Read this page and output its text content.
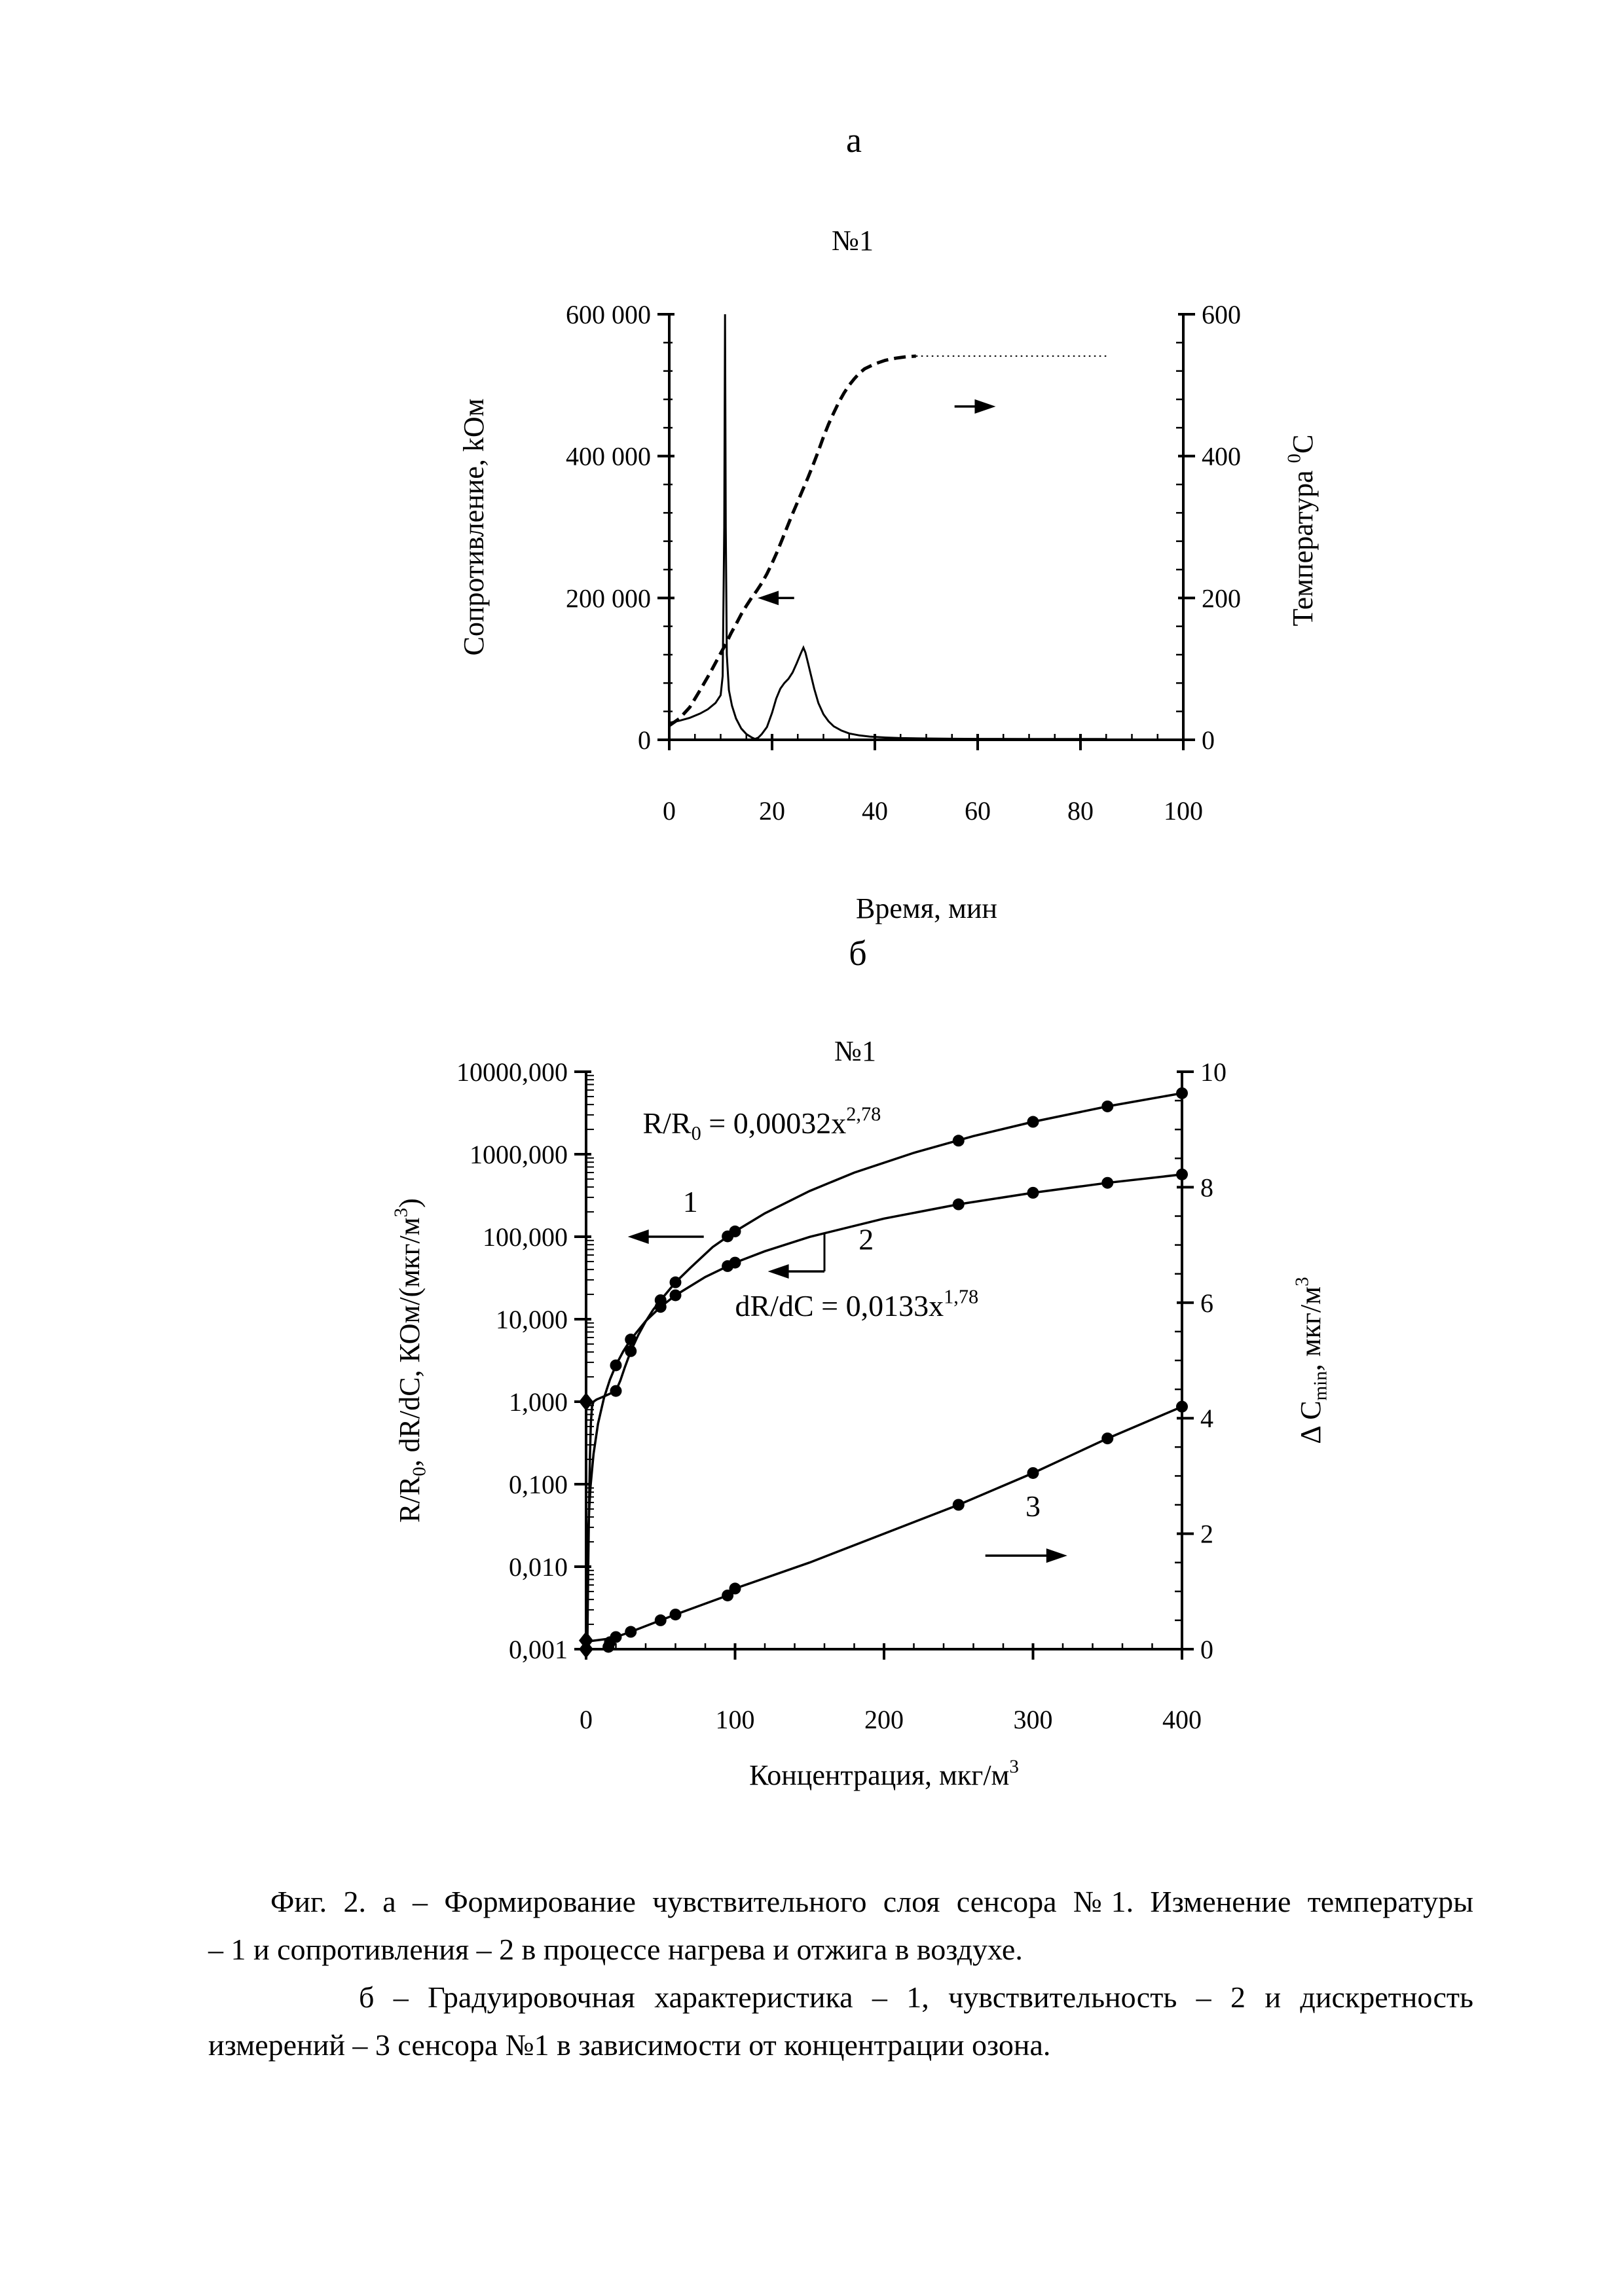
0	20	40	60	80	100
0
200 000
400 000
600 000
0
200
400
600
а
№1
Время, мин
Сопротивление, kОм	Температура $^0$С
0	100	200	300	400
0,001
0,010
0,100
1,000
10,000
100,000
1000,000
10000,000
0
2
4
6
8
10
$R/R_0 = 0,00032x^{2,78}$
$dR/dC = 0,0133x^{1,78}$
1
2
3
б
№1
Концентрация, мкг/$м^3$
$R/R_0$, dR/dC, КОм/$(мкг/м^3)$
Δ $C_{min}$, мкг/$м^3$
Фиг. 2. а – Формирование чувствительного слоя сенсора №1. Изменение температуры
– 1 и сопротивления – 2 в процессе нагрева и отжига в воздухе.
б – Градуировочная характеристика – 1, чувствительность – 2 и дискретность
измерений – 3 сенсора №1 в зависимости от концентрации озона.
